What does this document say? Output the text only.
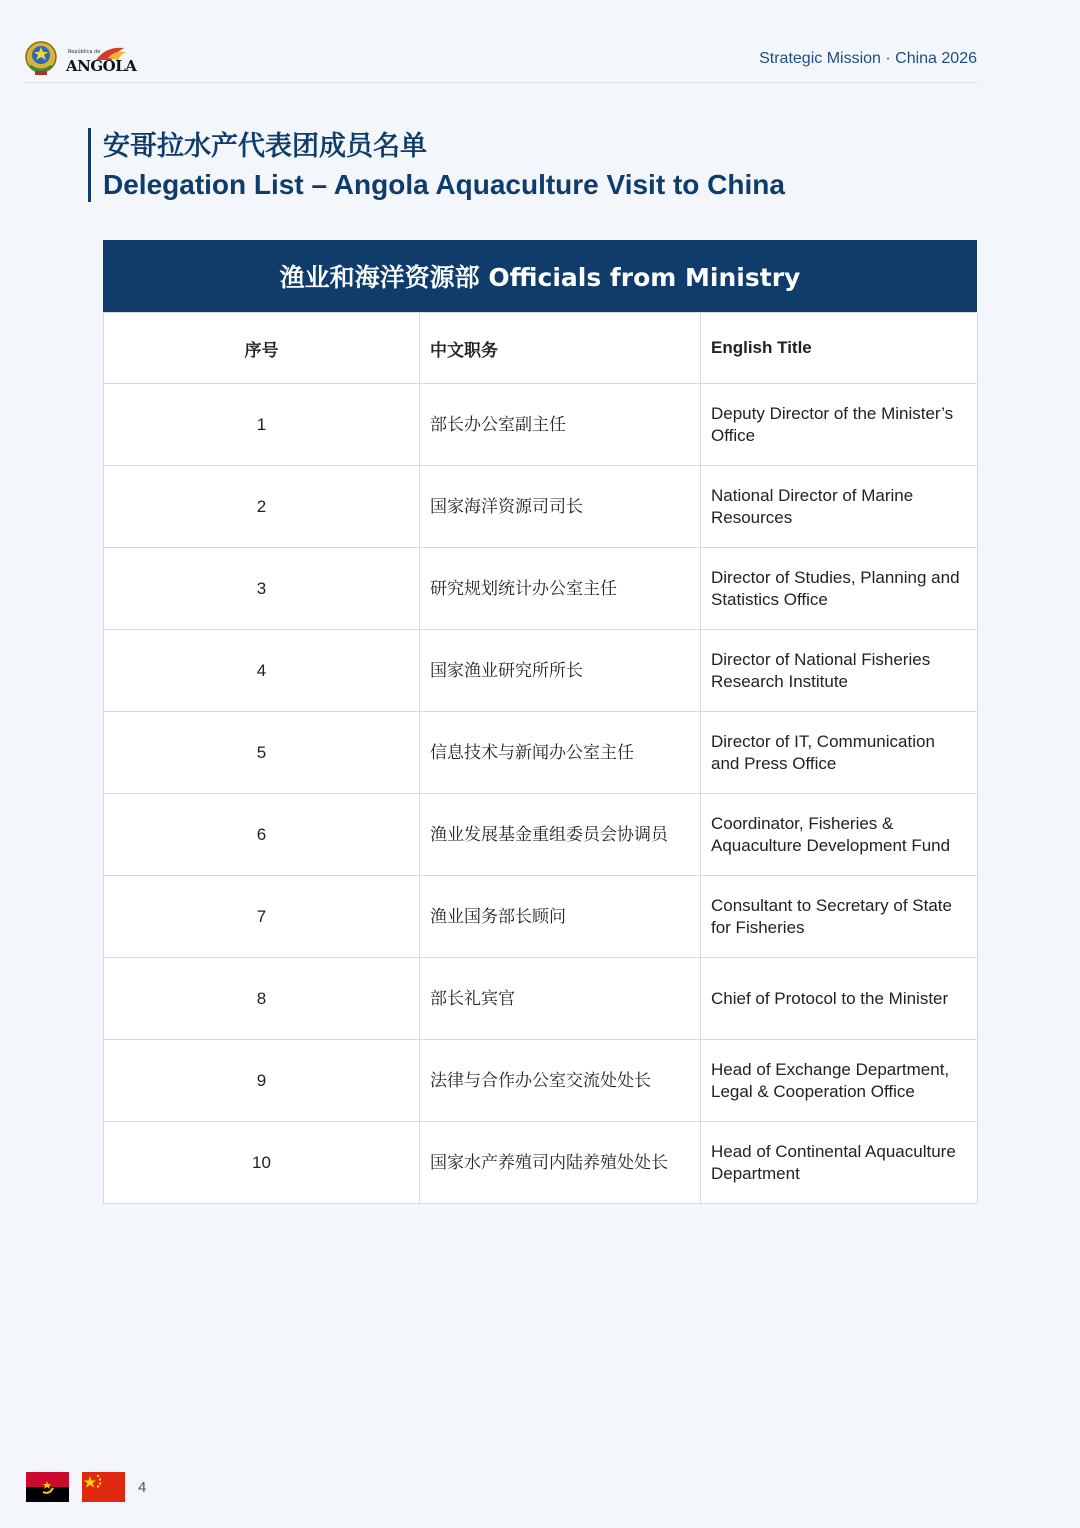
República de
ANGOLA	Strategic Mission · China 2026
安哥拉水产代表团成员名单
Delegation List – Angola Aquaculture Visit to China
渔业和海洋资源部 Officials from Ministry
序号	中文职务	English Title
1	部长办公室副主任	Deputy Director of the Minister’s Office
2	国家海洋资源司司长	National Director of Marine Resources
3	研究规划统计办公室主任	Director of Studies, Planning and Statistics Office
4	国家渔业研究所所长	Director of National Fisheries Research Institute
5	信息技术与新闻办公室主任	Director of IT, Communication and Press Office
6	渔业发展基金重组委员会协调员	Coordinator, Fisheries & Aquaculture Development Fund
7	渔业国务部长顾问	Consultant to Secretary of State for Fisheries
8	部长礼宾官	Chief of Protocol to the Minister
9	法律与合作办公室交流处处长	Head of Exchange Department, Legal & Cooperation Office
10	国家水产养殖司内陆养殖处处长	Head of Continental Aquaculture Department
4
